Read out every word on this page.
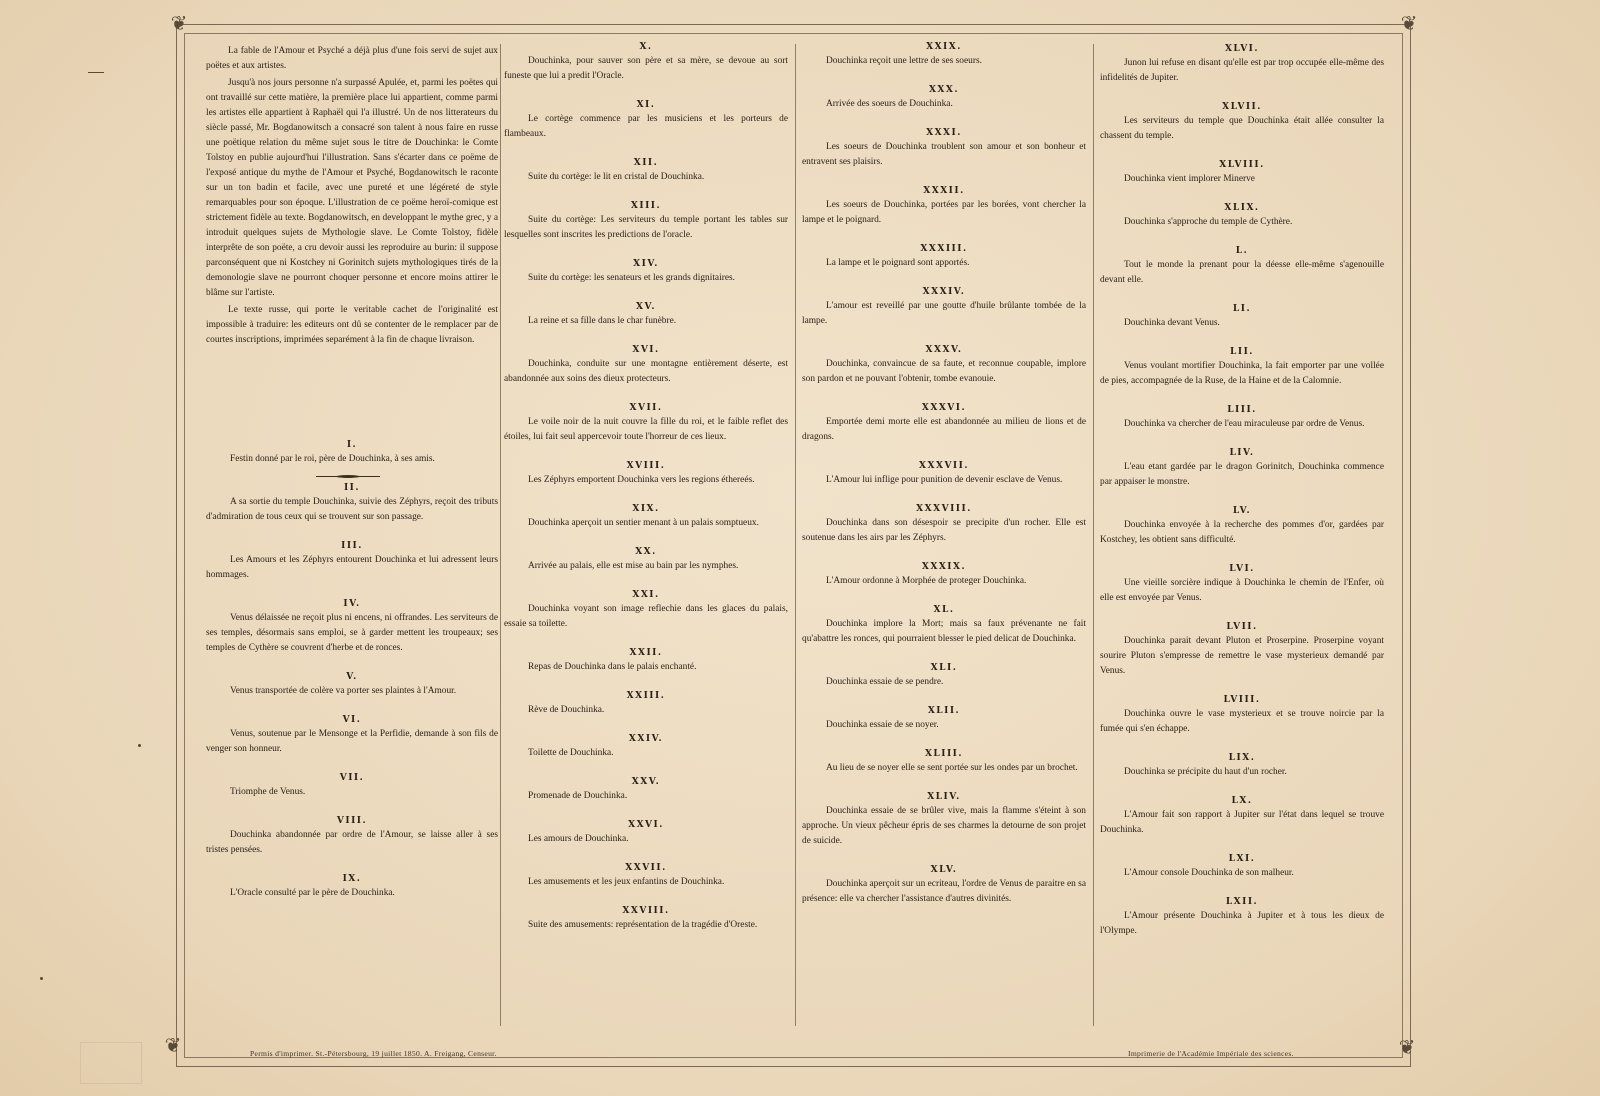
❦	❦
❦	❦

La fable de l'Amour et Psyché a déjà plus d'une fois servi de sujet aux poëtes et aux artistes.

Jusqu'à nos jours personne n'a surpassé Apulée, et, parmi les poëtes qui ont travaillé sur cette matière, la première place lui appartient, comme parmi les artistes elle appartient à Raphaël qui l'a illustré. Un de nos litterateurs du siècle passé, Mr. Bogdanowitsch a consacré son talent à nous faire en russe une poëtique relation du même sujet sous le titre de Douchinka: le Comte Tolstoy en publie aujourd'hui l'illustration. Sans s'écarter dans ce poëme de l'exposé antique du mythe de l'Amour et Psyché, Bogdanowitsch le raconte sur un ton badin et facile, avec une pureté et une légéreté de style remarquables pour son époque. L'illustration de ce poëme heroï-comique est strictement fidèle au texte. Bogdanowitsch, en developpant le mythe grec, y a introduit quelques sujets de Mythologie slave. Le Comte Tolstoy, fidèle interprête de son poëte, a cru devoir aussi les reproduire au burin: il suppose parconséquent que ni Kostchey ni Gorinitch sujets mythologiques tirés de la demonologie slave ne pourront choquer personne et encore moins attirer le blâme sur l'artiste.

Le texte russe, qui porte le veritable cachet de l'originalité est impossible à traduire: les editeurs ont dû se contenter de le remplacer par de courtes inscriptions, imprimées separément à la fin de chaque livraison.

I.

Festin donné par le roi, père de Douchinka, à ses amis.

II.

A sa sortie du temple Douchinka, suivie des Zéphyrs, reçoit des tributs d'admiration de tous ceux qui se trouvent sur son passage.

III.

Les Amours et les Zéphyrs entourent Douchinka et lui adressent leurs hommages.

IV.

Venus délaissée ne reçoit plus ni encens, ni offrandes. Les serviteurs de ses temples, désormais sans emploi, se à garder mettent les troupeaux; ses temples de Cythère se couvrent d'herbe et de ronces.

V.

Venus transportée de colère va porter ses plaintes à l'Amour.

VI.

Venus, soutenue par le Mensonge et la Perfidie, demande à son fils de venger son honneur.

VII.

Triomphe de Venus.

VIII.

Douchinka abandonnée par ordre de l'Amour, se laisse aller à ses tristes pensées.

IX.

L'Oracle consulté par le père de Douchinka.

X.

Douchinka, pour sauver son père et sa mère, se devoue au sort funeste que lui a predit l'Oracle.

XI.

Le cortège commence par les musiciens et les porteurs de flambeaux.

XII.

Suite du cortège: le lit en cristal de Douchinka.

XIII.

Suite du cortège: Les serviteurs du temple portant les tables sur lesquelles sont inscrites les predictions de l'oracle.

XIV.

Suite du cortège: les senateurs et les grands dignitaires.

XV.

La reine et sa fille dans le char funèbre.

XVI.

Douchinka, conduite sur une montagne entièrement déserte, est abandonnée aux soins des dieux protecteurs.

XVII.

Le voile noir de la nuit couvre la fille du roi, et le faible reflet des étoiles, lui fait seul appercevoir toute l'horreur de ces lieux.

XVIII.

Les Zéphyrs emportent Douchinka vers les regions éthereés.

XIX.

Douchinka aperçoit un sentier menant à un palais somptueux.

XX.

Arrivée au palais, elle est mise au bain par les nymphes.

XXI.

Douchinka voyant son image reflechie dans les glaces du palais, essaie sa toilette.

XXII.

Repas de Douchinka dans le palais enchanté.

XXIII.

Rève de Douchinka.

XXIV.

Toilette de Douchinka.

XXV.

Promenade de Douchinka.

XXVI.

Les amours de Douchinka.

XXVII.

Les amusements et les jeux enfantins de Douchinka.

XXVIII.

Suite des amusements: représentation de la tragédie d'Oreste.

XXIX.

Douchinka reçoit une lettre de ses soeurs.

XXX.

Arrivée des soeurs de Douchinka.

XXXI.

Les soeurs de Douchinka troublent son amour et son bonheur et entravent ses plaisirs.

XXXII.

Les soeurs de Douchinka, portées par les borées, vont chercher la lampe et le poignard.

XXXIII.

La lampe et le poignard sont apportés.

XXXIV.

L'amour est reveillé par une goutte d'huile brûlante tombée de la lampe.

XXXV.

Douchinka, convaincue de sa faute, et reconnue coupable, implore son pardon et ne pouvant l'obtenir, tombe evanouie.

XXXVI.

Emportée demi morte elle est abandonnée au milieu de lions et de dragons.

XXXVII.

L'Amour lui inflige pour punition de devenir esclave de Venus.

XXXVIII.

Douchinka dans son désespoir se precipite d'un rocher. Elle est soutenue dans les airs par les Zéphyrs.

XXXIX.

L'Amour ordonne à Morphée de proteger Douchinka.

XL.

Douchinka implore la Mort; mais sa faux prévenante ne fait qu'abattre les ronces, qui pourraient blesser le pied delicat de Douchinka.

XLI.

Douchinka essaie de se pendre.

XLII.

Douchinka essaie de se noyer.

XLIII.

Au lieu de se noyer elle se sent portée sur les ondes par un brochet.

XLIV.

Douchinka essaie de se brûler vive, mais la flamme s'éteint à son approche. Un vieux pêcheur épris de ses charmes la detourne de son projet de suicide.

XLV.

Douchinka aperçoit sur un ecriteau, l'ordre de Venus de paraitre en sa présence: elle va chercher l'assistance d'autres divinités.

XLVI.

Junon lui refuse en disant qu'elle est par trop occupée elle-même des infidelités de Jupiter.

XLVII.

Les serviteurs du temple que Douchinka était allée consulter la chassent du temple.

XLVIII.

Douchinka vient implorer Minerve

XLIX.

Douchinka s'approche du temple de Cythère.

L.

Tout le monde la prenant pour la déesse elle-même s'agenouille devant elle.

LI.

Douchinka devant Venus.

LII.

Venus voulant mortifier Douchinka, la fait emporter par une vollée de pies, accompagnée de la Ruse, de la Haine et de la Calomnie.

LIII.

Douchinka va chercher de l'eau miraculeuse par ordre de Venus.

LIV.

L'eau etant gardée par le dragon Gorinitch, Douchinka commence par appaiser le monstre.

LV.

Douchinka envoyée à la recherche des pommes d'or, gardées par Kostchey, les obtient sans difficulté.

LVI.

Une vieille sorcière indique à Douchinka le chemin de l'Enfer, où elle est envoyée par Venus.

LVII.

Douchinka parait devant Pluton et Proserpine. Proserpine voyant sourire Pluton s'empresse de remettre le vase mysterieux demandé par Venus.

LVIII.

Douchinka ouvre le vase mysterieux et se trouve noircie par la fumée qui s'en échappe.

LIX.

Douchinka se précipite du haut d'un rocher.

LX.

L'Amour fait son rapport à Jupiter sur l'état dans lequel se trouve Douchinka.

LXI.

L'Amour console Douchinka de son malheur.

LXII.

L'Amour présente Douchinka à Jupiter et à tous les dieux de l'Olympe.

Permis d'imprimer. St.-Pétersbourg, 19 juillet 1850. A. Freigang, Censeur.	Imprimerie de l'Académie Impériale des sciences.
